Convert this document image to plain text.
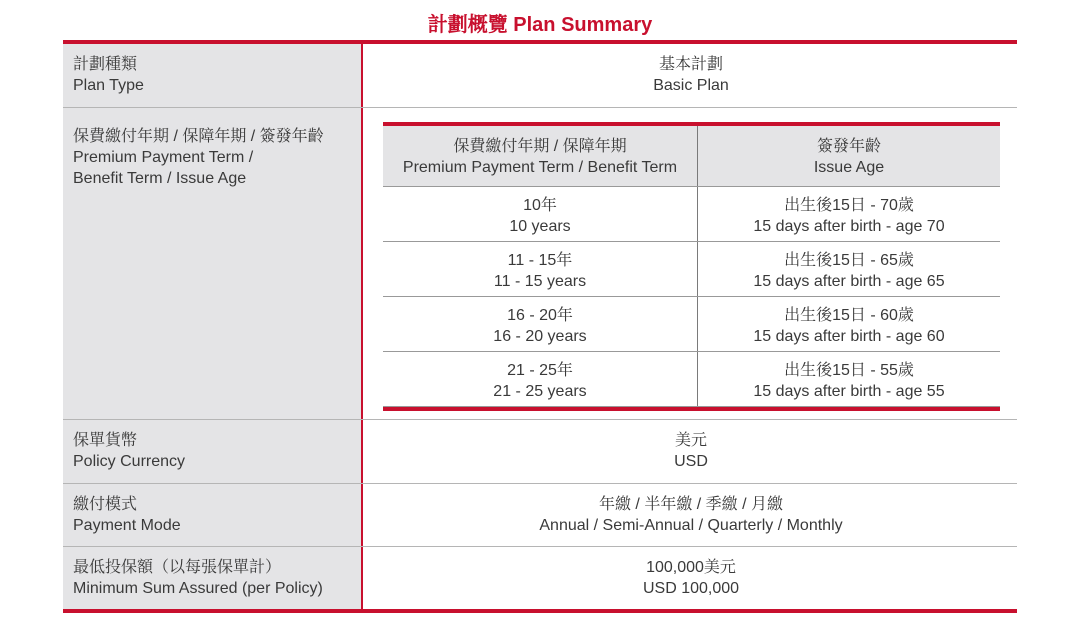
計劃概覽 Plan Summary
計劃種類
Plan Type
基本計劃
Basic Plan
保費繳付年期 / 保障年期 / 簽發年齡
Premium Payment Term /
Benefit Term / Issue Age
保費繳付年期 / 保障年期
Premium Payment Term / Benefit Term
簽發年齡
Issue Age
10年
10 years
出生後15日 - 70歲
15 days after birth - age 70
11 - 15年
11 - 15 years
出生後15日 - 65歲
15 days after birth - age 65
16 - 20年
16 - 20 years
出生後15日 - 60歲
15 days after birth - age 60
21 - 25年
21 - 25 years
出生後15日 - 55歲
15 days after birth - age 55
保單貨幣
Policy Currency
美元
USD
繳付模式
Payment Mode
年繳 / 半年繳 / 季繳 / 月繳
Annual / Semi-Annual / Quarterly / Monthly
最低投保額（以每張保單計）
Minimum Sum Assured (per Policy)
100,000美元
USD 100,000
